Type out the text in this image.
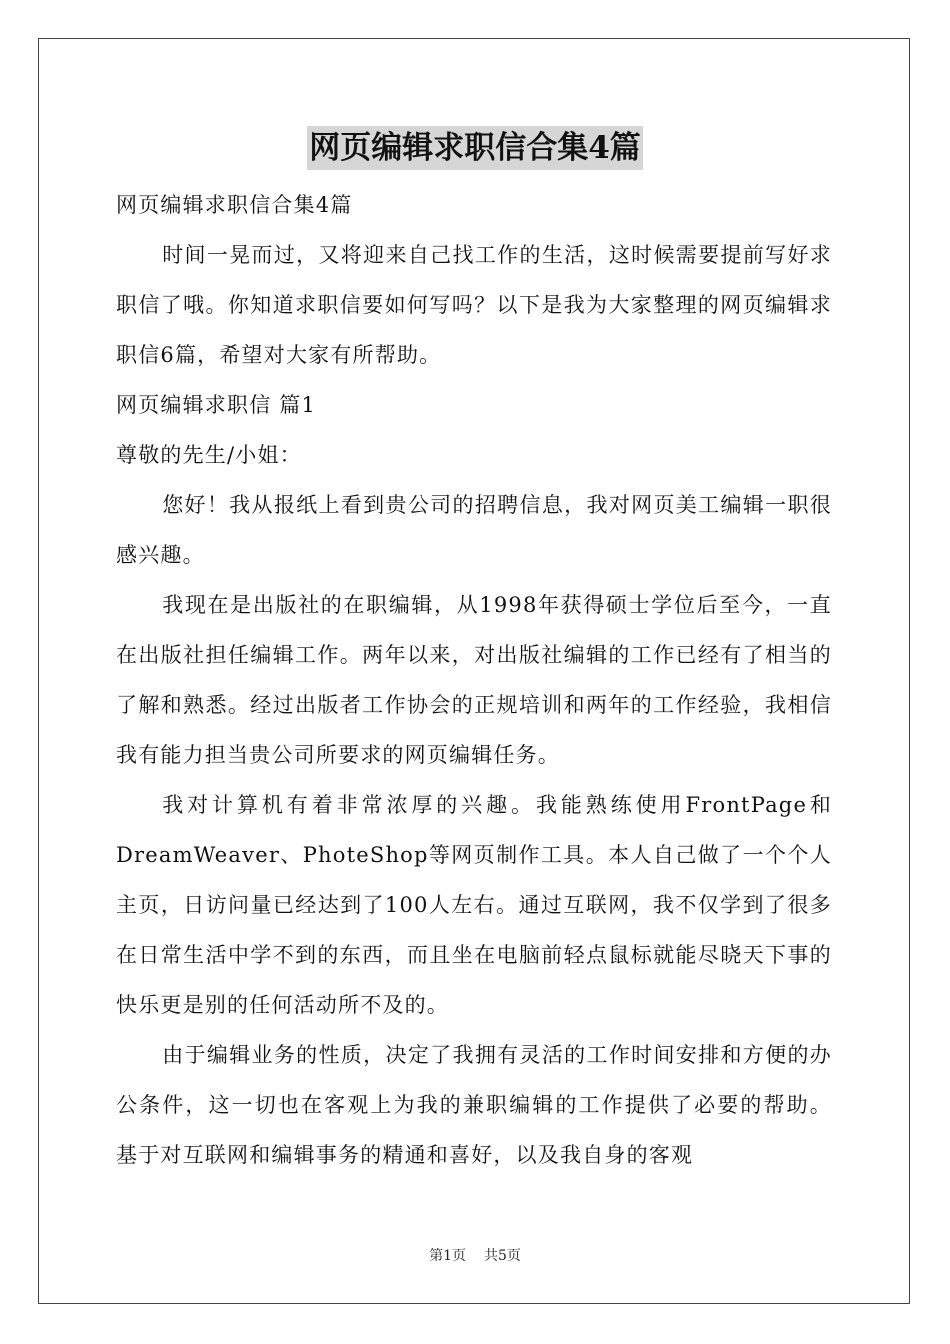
网页编辑求职信合集4篇

网页编辑求职信合集4篇

时间一晃而过，又将迎来自己找工作的生活，这时候需要提前写好求职信了哦。你知道求职信要如何写吗？以下是我为大家整理的网页编辑求职信6篇，希望对大家有所帮助。

网页编辑求职信 篇1

尊敬的先生/小姐：

您好！我从报纸上看到贵公司的招聘信息，我对网页美工编辑一职很感兴趣。

我现在是出版社的在职编辑，从1998年获得硕士学位后至今，一直在出版社担任编辑工作。两年以来，对出版社编辑的工作已经有了相当的了解和熟悉。经过出版者工作协会的正规培训和两年的工作经验，我相信我有能力担当贵公司所要求的网页编辑任务。

我对计算机有着非常浓厚的兴趣。我能熟练使用FrontPage和DreamWeaver、PhoteShop等网页制作工具。本人自己做了一个个人主页，日访问量已经达到了100人左右。通过互联网，我不仅学到了很多在日常生活中学不到的东西，而且坐在电脑前轻点鼠标就能尽晓天下事的快乐更是别的任何活动所不及的。

由于编辑业务的性质，决定了我拥有灵活的工作时间安排和方便的办公条件，这一切也在客观上为我的兼职编辑的工作提供了必要的帮助。 基于对互联网和编辑事务的精通和喜好，以及我自身的客观

第1页 共5页
